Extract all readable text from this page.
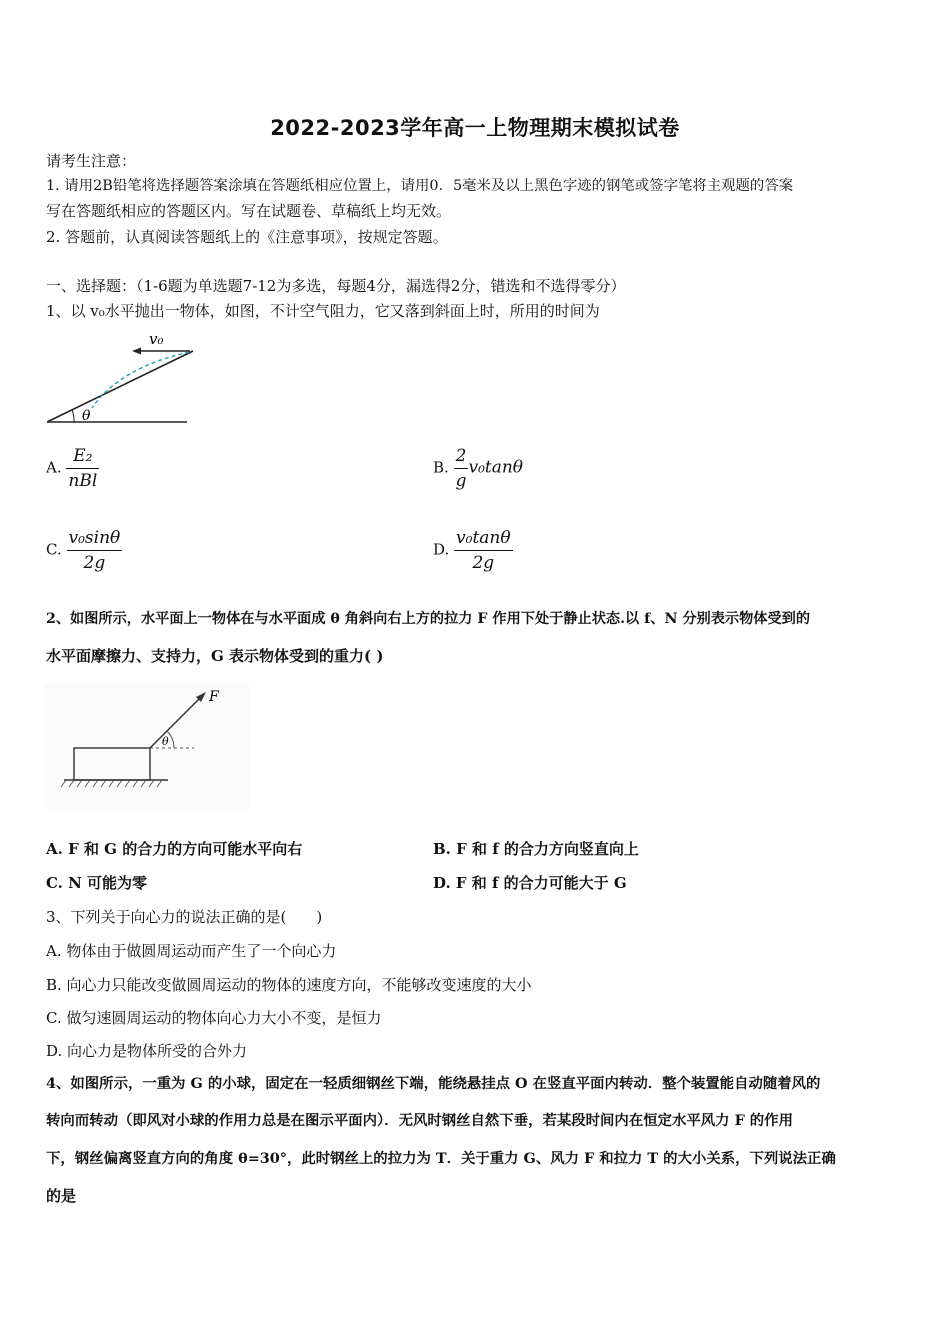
2022-2023学年高一上物理期末模拟试卷
请考生注意：
1. 请用2B铅笔将选择题答案涂填在答题纸相应位置上，请用0．5毫米及以上黑色字迹的钢笔或签字笔将主观题的答案
写在答题纸相应的答题区内。写在试题卷、草稿纸上均无效。
2. 答题前，认真阅读答题纸上的《注意事项》，按规定答题。
一、选择题：（1-6题为单选题7-12为多选，每题4分，漏选得2分，错选和不选得零分）
1、以 v₀水平抛出一物体，如图，不计空气阻力，它又落到斜面上时，所用的时间为
v₀
θ
A. $\frac{\text{E₂}}{\text{nBl}}$	B. $\frac{2}{g} v_0\tan\theta$
C. $\frac{\text{v₀sinθ}}{2g}$	D. $\frac{\text{v₀tanθ}}{2g}$
2、如图所示，水平面上一物体在与水平面成 θ 角斜向右上方的拉力 F 作用下处于静止状态.以 f、N 分别表示物体受到的
水平面摩擦力、支持力，G 表示物体受到的重力( )
F
θ
A. F 和 G 的合力的方向可能水平向右	B. F 和 f 的合力方向竖直向上
C. N 可能为零	D. F 和 f 的合力可能大于 G
3、下列关于向心力的说法正确的是(　　)
A. 物体由于做圆周运动而产生了一个向心力
B. 向心力只能改变做圆周运动的物体的速度方向，不能够改变速度的大小
C. 做匀速圆周运动的物体向心力大小不变，是恒力
D. 向心力是物体所受的合外力
4、如图所示，一重为 G 的小球，固定在一轻质细钢丝下端，能绕悬挂点 O 在竖直平面内转动．整个装置能自动随着风的
转向而转动（即风对小球的作用力总是在图示平面内）．无风时钢丝自然下垂，若某段时间内在恒定水平风力 F 的作用
下，钢丝偏离竖直方向的角度 θ=30°，此时钢丝上的拉力为 T．关于重力 G、风力 F 和拉力 T 的大小关系，下列说法正确
的是
